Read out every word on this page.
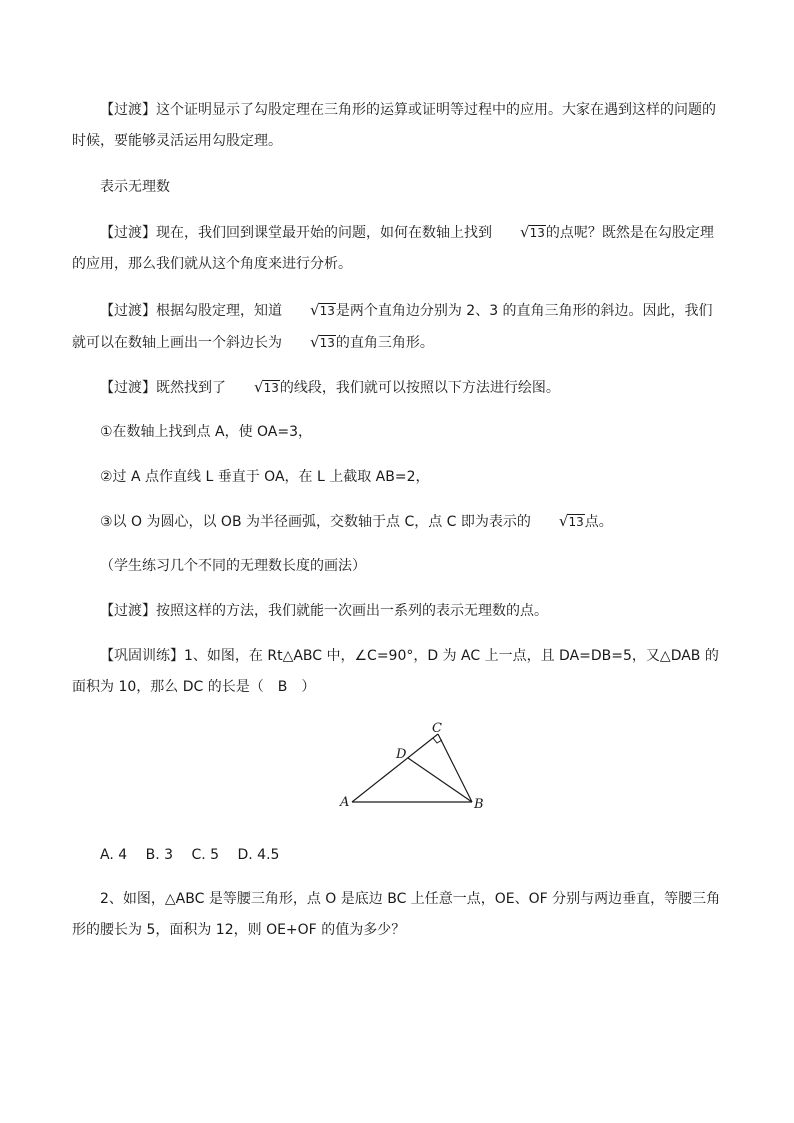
【过渡】这个证明显示了勾股定理在三角形的运算或证明等过程中的应用。大家在遇到这样的问题的时候，要能够灵活运用勾股定理。

表示无理数

【过渡】现在，我们回到课堂最开始的问题，如何在数轴上找到 √13的点呢？既然是在勾股定理的应用，那么我们就从这个角度来进行分析。

【过渡】根据勾股定理，知道 √13是两个直角边分别为 2、3 的直角三角形的斜边。因此，我们就可以在数轴上画出一个斜边长为 √13的直角三角形。

【过渡】既然找到了 √13的线段，我们就可以按照以下方法进行绘图。

①在数轴上找到点 A，使 OA=3，

②过 A 点作直线 L 垂直于 OA，在 L 上截取 AB=2，

③以 O 为圆心，以 OB 为半径画弧，交数轴于点 C，点 C 即为表示的 √13点。

（学生练习几个不同的无理数长度的画法）

【过渡】按照这样的方法，我们就能一次画出一系列的表示无理数的点。

【巩固训练】1、如图，在 Rt△ABC 中，∠C=90°，D 为 AC 上一点，且 DA=DB=5，又△DAB 的面积为 10，那么 DC 的长是（　B　）

A	B
C
D

A. 4　 B. 3　 C. 5　 D. 4.5

2、如图，△ABC 是等腰三角形，点 O 是底边 BC 上任意一点，OE、OF 分别与两边垂直，等腰三角形的腰长为 5，面积为 12，则 OE+OF 的值为多少？
